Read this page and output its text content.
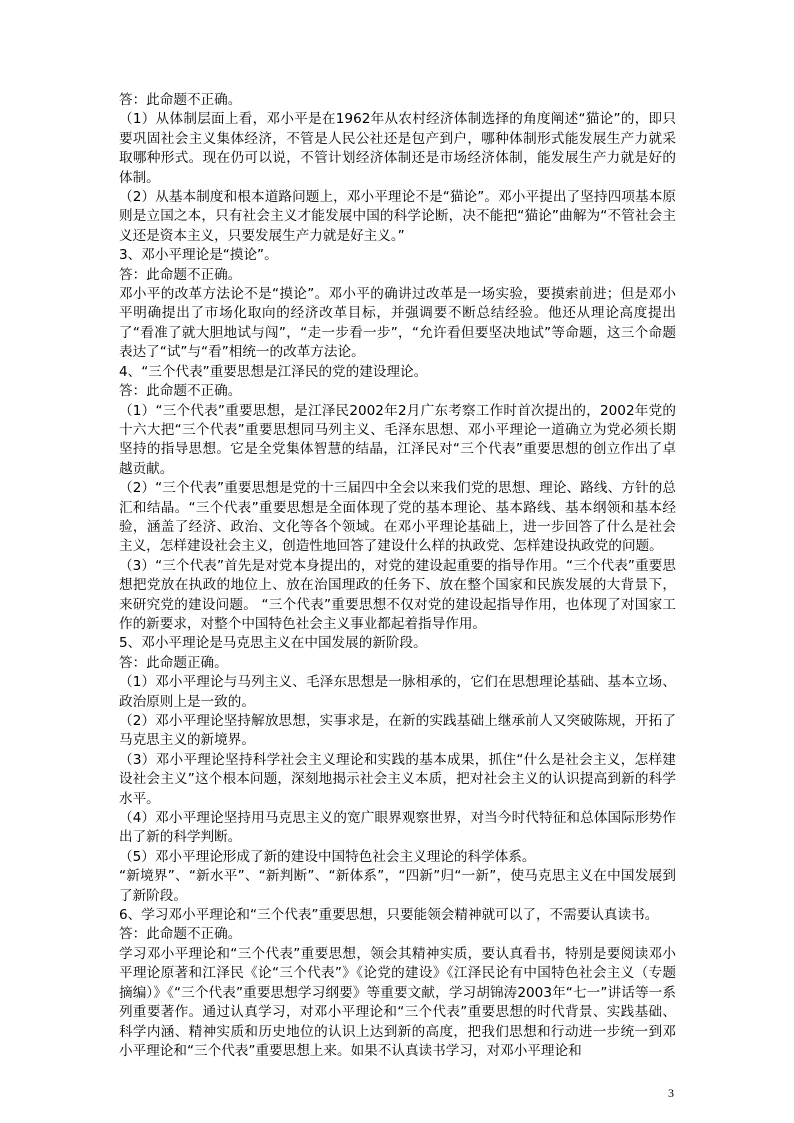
答：此命题不正确。

（1）从体制层面上看，邓小平是在1962年从农村经济体制选择的角度阐述“猫论”的，即只要巩固社会主义集体经济，不管是人民公社还是包产到户，哪种体制形式能发展生产力就采取哪种形式。现在仍可以说，不管计划经济体制还是市场经济体制，能发展生产力就是好的体制。

（2）从基本制度和根本道路问题上，邓小平理论不是“猫论”。邓小平提出了坚持四项基本原则是立国之本，只有社会主义才能发展中国的科学论断，决不能把“猫论”曲解为“不管社会主义还是资本主义，只要发展生产力就是好主义。”

3、邓小平理论是“摸论”。

答：此命题不正确。

邓小平的改革方法论不是“摸论”。邓小平的确讲过改革是一场实验，要摸索前进；但是邓小平明确提出了市场化取向的经济改革目标，并强调要不断总结经验。他还从理论高度提出了“看准了就大胆地试与闯”，“走一步看一步”，“允许看但要坚决地试”等命题，这三个命题表达了“试”与“看”相统一的改革方法论。

4、“三个代表”重要思想是江泽民的党的建设理论。

答：此命题不正确。

（1）“三个代表”重要思想，是江泽民2002年2月广东考察工作时首次提出的，2002年党的十六大把“三个代表”重要思想同马列主义、毛泽东思想、邓小平理论一道确立为党必须长期坚持的指导思想。它是全党集体智慧的结晶，江泽民对“三个代表”重要思想的创立作出了卓越贡献。

（2）“三个代表”重要思想是党的十三届四中全会以来我们党的思想、理论、路线、方针的总汇和结晶。“三个代表”重要思想是全面体现了党的基本理论、基本路线、基本纲领和基本经验，涵盖了经济、政治、文化等各个领域。在邓小平理论基础上，进一步回答了什么是社会主义，怎样建设社会主义，创造性地回答了建设什么样的执政党、怎样建设执政党的问题。

（3）“三个代表”首先是对党本身提出的，对党的建设起重要的指导作用。“三个代表”重要思想把党放在执政的地位上、放在治国理政的任务下、放在整个国家和民族发展的大背景下，来研究党的建设问题。 “三个代表”重要思想不仅对党的建设起指导作用，也体现了对国家工作的新要求，对整个中国特色社会主义事业都起着指导作用。

5、邓小平理论是马克思主义在中国发展的新阶段。

答：此命题正确。

（1）邓小平理论与马列主义、毛泽东思想是一脉相承的，它们在思想理论基础、基本立场、政治原则上是一致的。

（2）邓小平理论坚持解放思想，实事求是，在新的实践基础上继承前人又突破陈规，开拓了马克思主义的新境界。

（3）邓小平理论坚持科学社会主义理论和实践的基本成果，抓住“什么是社会主义，怎样建设社会主义”这个根本问题，深刻地揭示社会主义本质，把对社会主义的认识提高到新的科学水平。

（4）邓小平理论坚持用马克思主义的宽广眼界观察世界，对当今时代特征和总体国际形势作出了新的科学判断。

（5）邓小平理论形成了新的建设中国特色社会主义理论的科学体系。

“新境界”、“新水平”、“新判断”、“新体系”，“四新”归“一新”，使马克思主义在中国发展到了新阶段。

6、学习邓小平理论和“三个代表”重要思想，只要能领会精神就可以了，不需要认真读书。

答：此命题不正确。

学习邓小平理论和“三个代表”重要思想，领会其精神实质，要认真看书，特别是要阅读邓小平理论原著和江泽民《论“三个代表”》《论党的建设》《江泽民论有中国特色社会主义（专题摘编）》《“三个代表”重要思想学习纲要》等重要文献，学习胡锦涛2003年“七一”讲话等一系列重要著作。通过认真学习，对邓小平理论和“三个代表”重要思想的时代背景、实践基础、科学内涵、精神实质和历史地位的认识上达到新的高度，把我们思想和行动进一步统一到邓小平理论和“三个代表”重要思想上来。如果不认真读书学习，对邓小平理论和

3
